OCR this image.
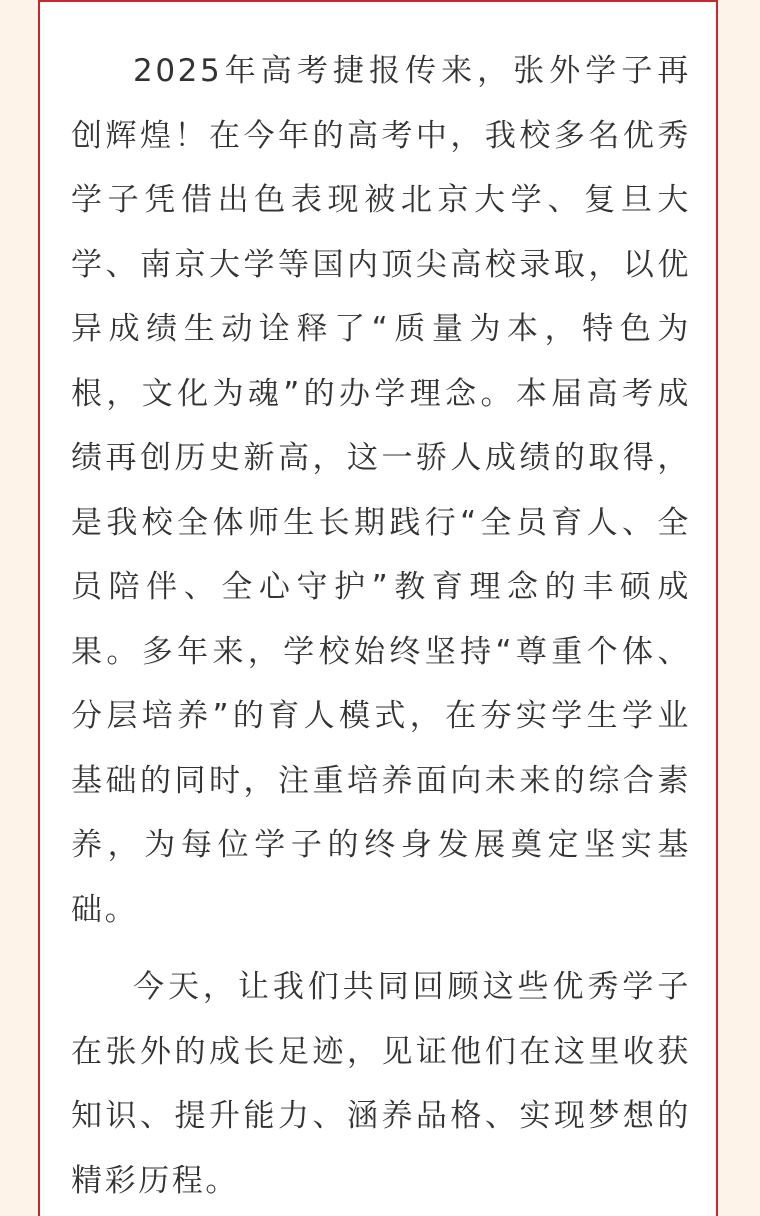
2025年高考捷报传来，张外学子再创辉煌！在今年的高考中，我校多名优秀学子凭借出色表现被北京大学、复旦大学、南京大学等国内顶尖高校录取，以优异成绩生动诠释了“质量为本，特色为根，文化为魂”的办学理念。本届高考成绩再创历史新高，这一骄人成绩的取得，是我校全体师生长期践行“全员育人、全员陪伴、全心守护”教育理念的丰硕成果。多年来，学校始终坚持“尊重个体、分层培养”的育人模式，在夯实学生学业基础的同时，注重培养面向未来的综合素养，为每位学子的终身发展奠定坚实基础。

今天，让我们共同回顾这些优秀学子在张外的成长足迹，见证他们在这里收获知识、提升能力、涵养品格、实现梦想的精彩历程。
